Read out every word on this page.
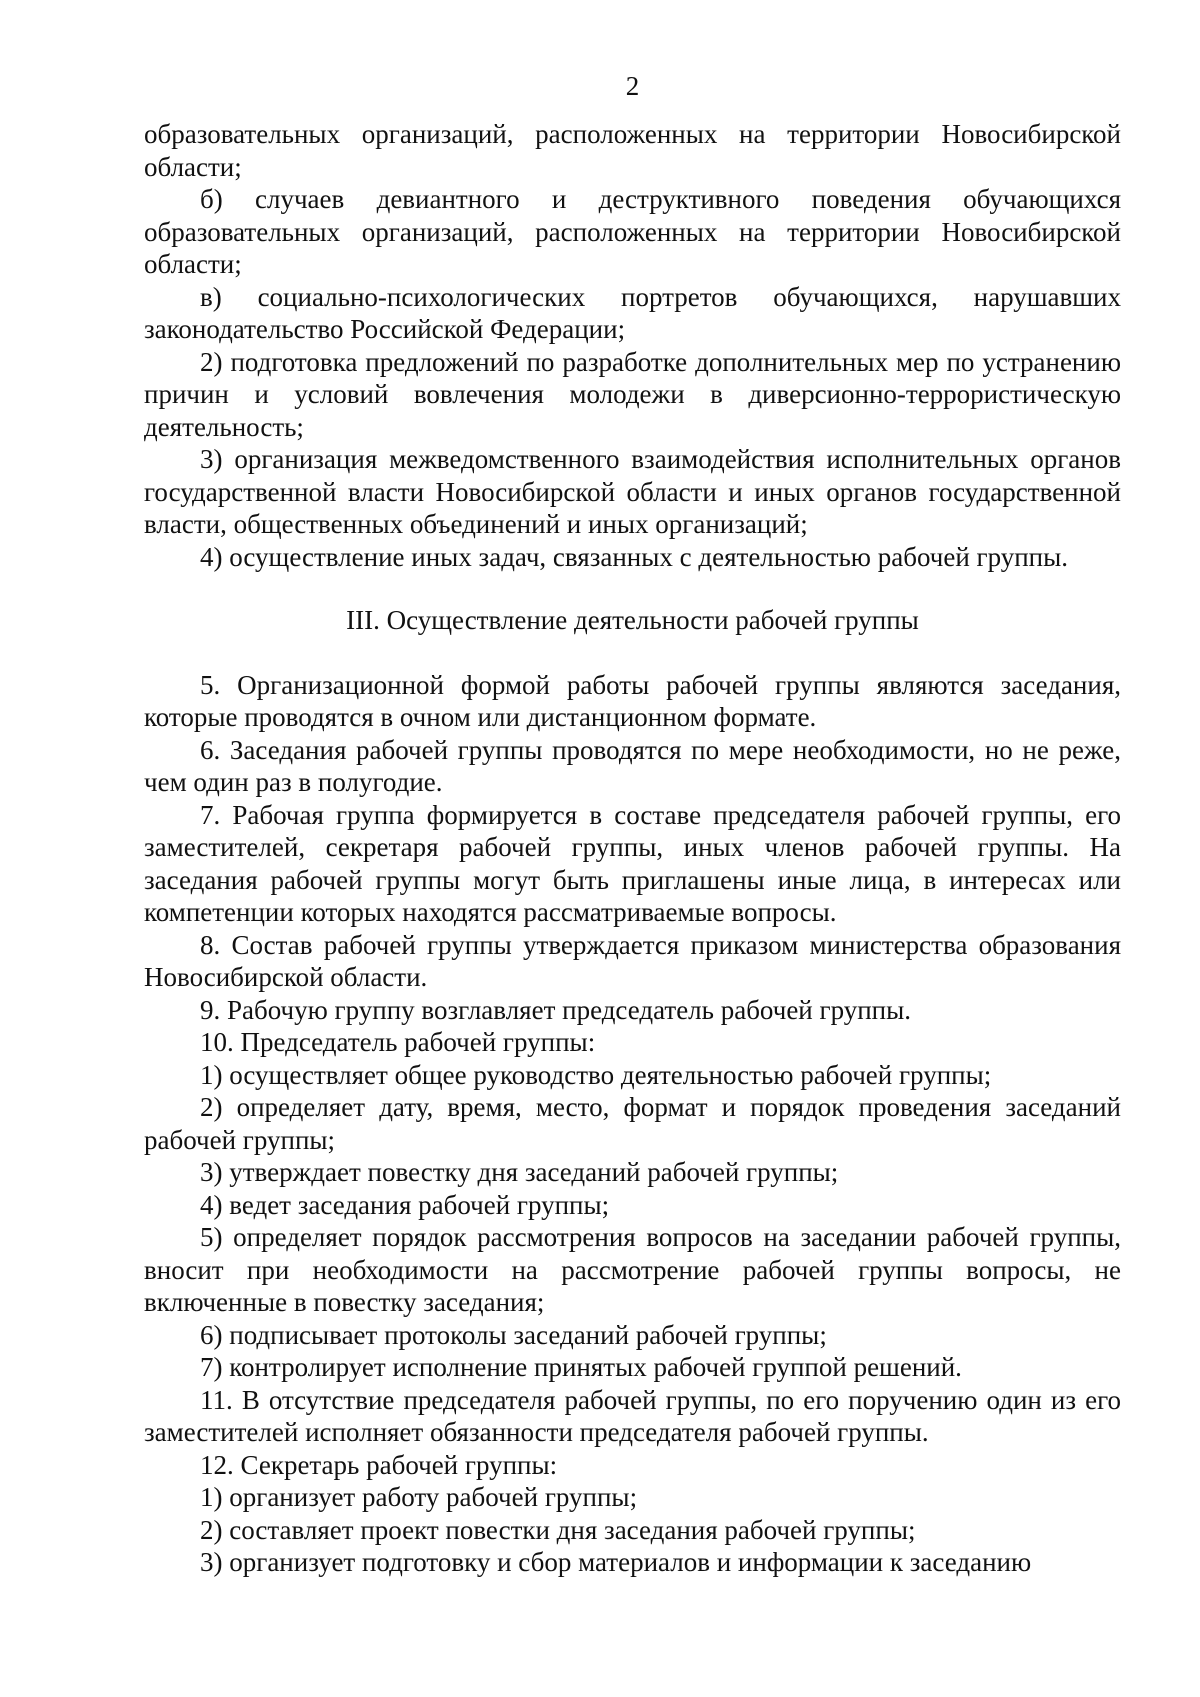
2

образовательных организаций, расположенных на территории Новосибирской области;

б) случаев девиантного и деструктивного поведения обучающихся образовательных организаций, расположенных на территории Новосибирской области;

в) социально-психологических портретов обучающихся, нарушавших законодательство Российской Федерации;

2) подготовка предложений по разработке дополнительных мер по устранению причин и условий вовлечения молодежи в диверсионно-террористическую деятельность;

3) организация межведомственного взаимодействия исполнительных органов государственной власти Новосибирской области и иных органов государственной власти, общественных объединений и иных организаций;

4) осуществление иных задач, связанных с деятельностью рабочей группы.

III. Осуществление деятельности рабочей группы

5. Организационной формой работы рабочей группы являются заседания, которые проводятся в очном или дистанционном формате.

6. Заседания рабочей группы проводятся по мере необходимости, но не реже, чем один раз в полугодие.

7. Рабочая группа формируется в составе председателя рабочей группы, его заместителей, секретаря рабочей группы, иных членов рабочей группы. На заседания рабочей группы могут быть приглашены иные лица, в интересах или компетенции которых находятся рассматриваемые вопросы.

8. Состав рабочей группы утверждается приказом министерства образования Новосибирской области.

9. Рабочую группу возглавляет председатель рабочей группы.

10. Председатель рабочей группы:

1) осуществляет общее руководство деятельностью рабочей группы;

2) определяет дату, время, место, формат и порядок проведения заседаний рабочей группы;

3) утверждает повестку дня заседаний рабочей группы;

4) ведет заседания рабочей группы;

5) определяет порядок рассмотрения вопросов на заседании рабочей группы, вносит при необходимости на рассмотрение рабочей группы вопросы, не включенные в повестку заседания;

6) подписывает протоколы заседаний рабочей группы;

7) контролирует исполнение принятых рабочей группой решений.

11. В отсутствие председателя рабочей группы, по его поручению один из его заместителей исполняет обязанности председателя рабочей группы.

12. Секретарь рабочей группы:

1) организует работу рабочей группы;

2) составляет проект повестки дня заседания рабочей группы;

3) организует подготовку и сбор материалов и информации к заседанию
